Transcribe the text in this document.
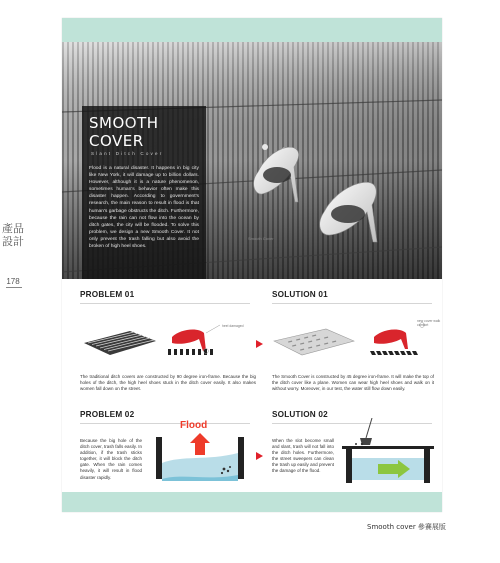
產品設計
178
SMOOTH COVER
Slant Ditch Cover
Flood is a natural disaster. It happens in big city like New York, it will damage up to billion dollars. However, although it is a nature phenomenon, sometimes human's behavior often make this disaster happen. According to government's research, the main reason to result in flood is that human's garbage obstructs the ditch. Furthermore, because the rain can not flow into the ocean by ditch gates, the city will be flooded. To solve this problem, we design a new Smooth Cover. It not only prevent the trash falling but also avoid the broken of high heel shoes.
Smooth Cover
PROBLEM 01
heel damaged
The traditional ditch covers are constructed by 90 degree iron-frame. Because the big holes of the ditch, the high heel shoes stuck in the ditch cover easily. It also makes women fall down on the street.
SOLUTION 01
new cover walk comfort
The Smooth Cover is constructed by 45 degree iron-frame. It will make the top of the ditch cover like a plane. Women can wear high heel shoes and walk on it without worry. Moreover, in our test, the water still flow down easily.
PROBLEM 02
Because the big hole of the ditch cover, trash falls easily. In addition, if the trash sticks together, it will block the ditch gate. When the rain comes heavily, it will result in flood disaster rapidly.
Flood
SOLUTION 02
When the slot become small and slant, trash will not fall into the ditch holes. Furthermore, the street sweepers can clean the trash up easily and prevent the damage of the flood.
Smooth cover 參賽展版
